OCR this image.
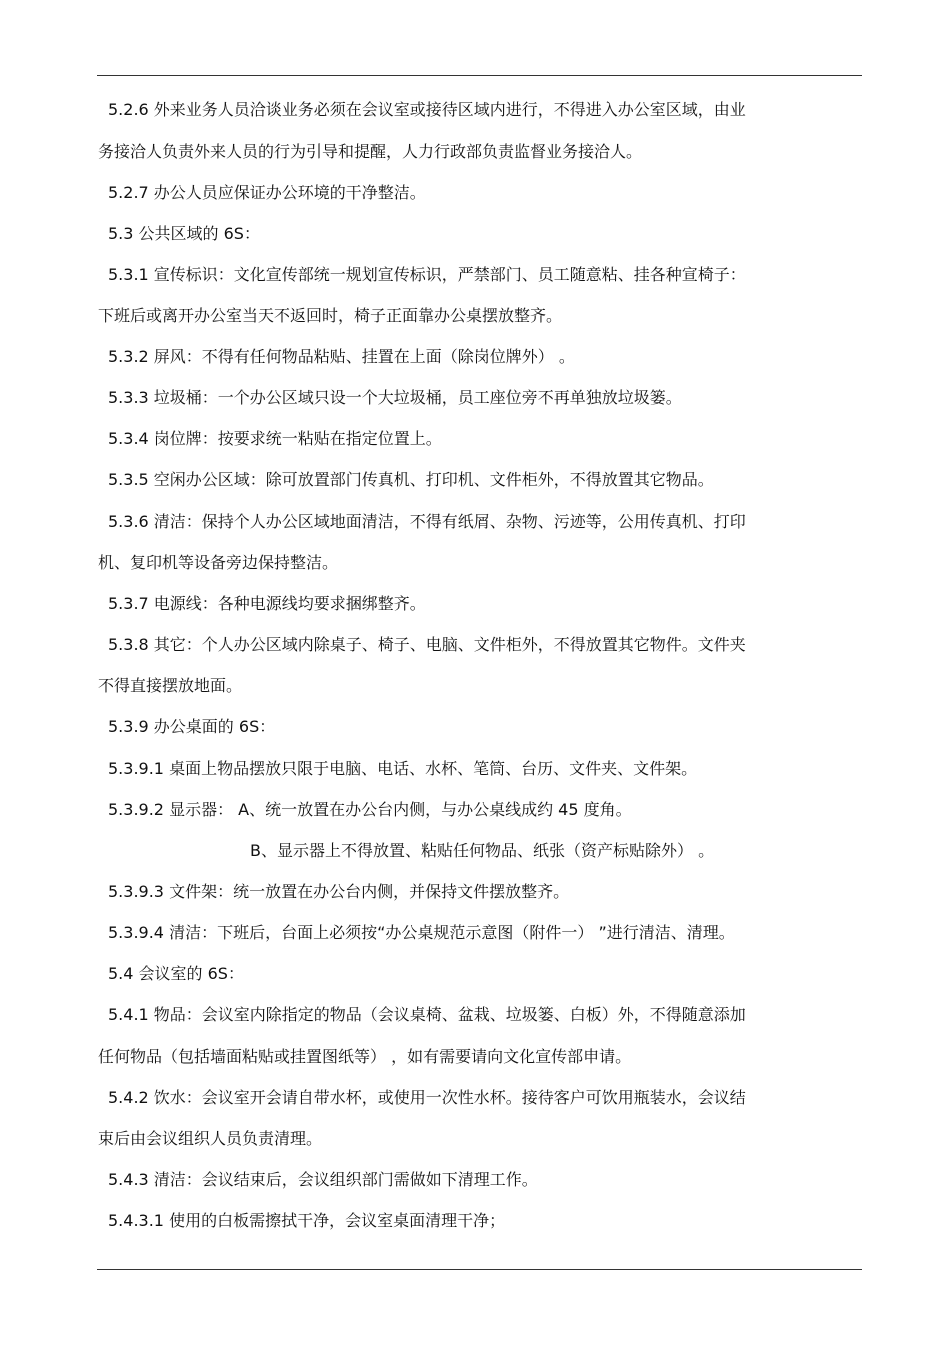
5.2.6 外来业务人员洽谈业务必须在会议室或接待区域内进行，不得进入办公室区域，由业
务接洽人负责外来人员的行为引导和提醒，人力行政部负责监督业务接洽人。
5.2.7 办公人员应保证办公环境的干净整洁。
5.3 公共区域的 6S：
5.3.1 宣传标识：文化宣传部统一规划宣传标识，严禁部门、员工随意粘、挂各种宣椅子：
下班后或离开办公室当天不返回时，椅子正面靠办公桌摆放整齐。
5.3.2 屏风：不得有任何物品粘贴、挂置在上面（除岗位牌外） 。
5.3.3 垃圾桶：一个办公区域只设一个大垃圾桶，员工座位旁不再单独放垃圾篓。
5.3.4 岗位牌：按要求统一粘贴在指定位置上。
5.3.5 空闲办公区域：除可放置部门传真机、打印机、文件柜外，不得放置其它物品。
5.3.6 清洁：保持个人办公区域地面清洁，不得有纸屑、杂物、污迹等，公用传真机、打印
机、复印机等设备旁边保持整洁。
5.3.7 电源线：各种电源线均要求捆绑整齐。
5.3.8 其它：个人办公区域内除桌子、椅子、电脑、文件柜外，不得放置其它物件。文件夹
不得直接摆放地面。
5.3.9 办公桌面的 6S：
5.3.9.1 桌面上物品摆放只限于电脑、电话、水杯、笔筒、台历、文件夹、文件架。
5.3.9.2 显示器： A、统一放置在办公台内侧，与办公桌线成约 45 度角。
B、显示器上不得放置、粘贴任何物品、纸张（资产标贴除外） 。
5.3.9.3 文件架：统一放置在办公台内侧，并保持文件摆放整齐。
5.3.9.4 清洁：下班后，台面上必须按“办公桌规范示意图（附件一） ”进行清洁、清理。
5.4 会议室的 6S：
5.4.1 物品：会议室内除指定的物品（会议桌椅、盆栽、垃圾篓、白板）外，不得随意添加
任何物品（包括墙面粘贴或挂置图纸等） ，如有需要请向文化宣传部申请。
5.4.2 饮水：会议室开会请自带水杯，或使用一次性水杯。接待客户可饮用瓶装水，会议结
束后由会议组织人员负责清理。
5.4.3 清洁：会议结束后，会议组织部门需做如下清理工作。
5.4.3.1 使用的白板需擦拭干净，会议室桌面清理干净；
